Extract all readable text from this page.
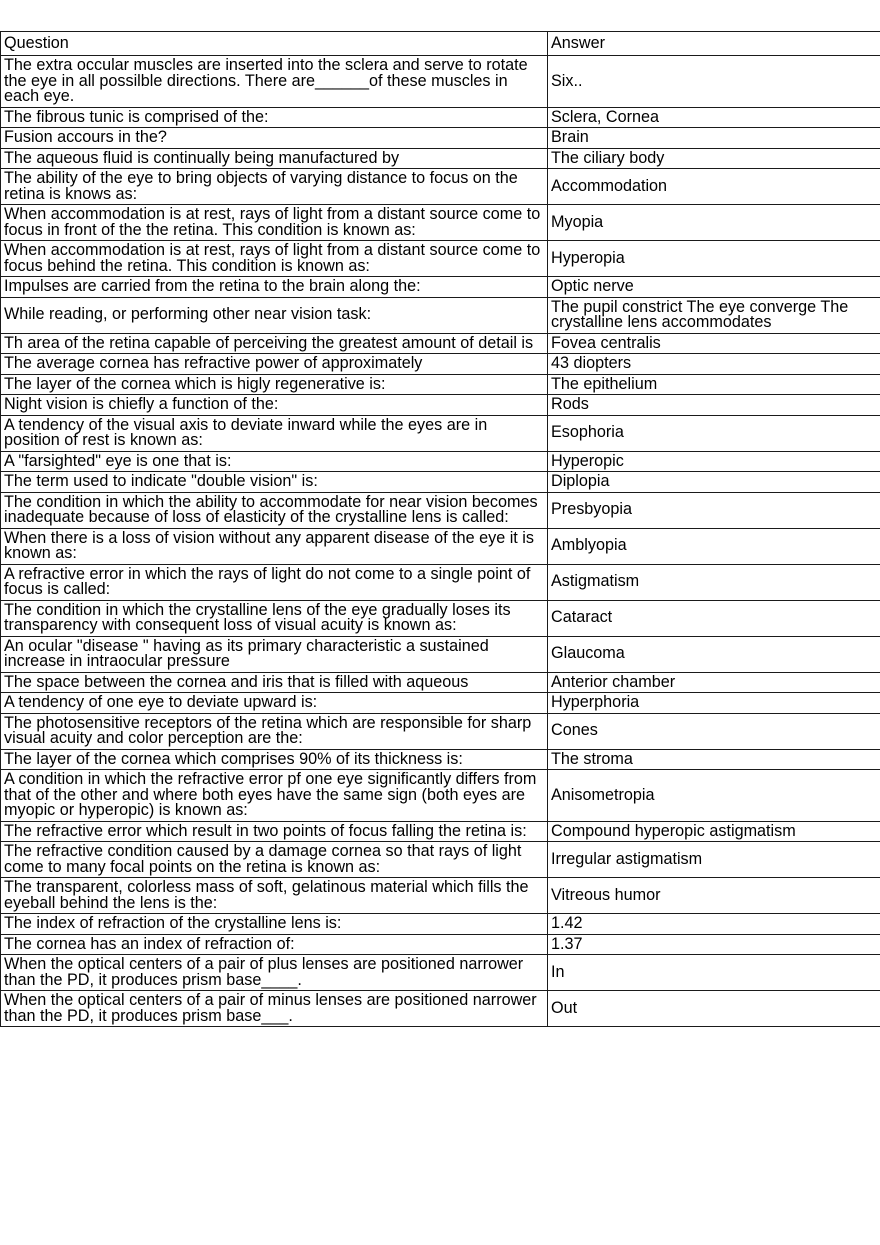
Question	Answer
The extra occular muscles are inserted into the sclera and serve to rotate the eye in all possilble directions. There are______of these muscles in each eye.	Six..
The fibrous tunic is comprised of the:	Sclera, Cornea
Fusion accours in the?	Brain
The aqueous fluid is continually being manufactured by	The ciliary body
The ability of the eye to bring objects of varying distance to focus on the retina is knows as:	Accommodation
When accommodation is at rest, rays of light from a distant source come to focus in front of the the retina. This condition is known as:	Myopia
When accommodation is at rest, rays of light from a distant source come to focus behind the retina. This condition is known as:	Hyperopia
Impulses are carried from the retina to the brain along the:	Optic nerve
While reading, or performing other near vision task:	The pupil constrict The eye converge The crystalline lens accommodates
Th area of the retina capable of perceiving the greatest amount of detail is	Fovea centralis
The average cornea has refractive power of approximately	43 diopters
The layer of the cornea which is higly regenerative is:	The epithelium
Night vision is chiefly a function of the:	Rods
A tendency of the visual axis to deviate inward while the eyes are in position of rest is known as:	Esophoria
A "farsighted" eye is one that is:	Hyperopic
The term used to indicate "double vision" is:	Diplopia
The condition in which the ability to accommodate for near vision becomes inadequate because of loss of elasticity of the crystalline lens is called:	Presbyopia
When there is a loss of vision without any apparent disease of the eye it is known as:	Amblyopia
A refractive error in which the rays of light do not come to a single point of focus is called:	Astigmatism
The condition in which the crystalline lens of the eye gradually loses its transparency with consequent loss of visual acuity is known as:	Cataract
An ocular "disease " having as its primary characteristic a sustained increase in intraocular pressure	Glaucoma
The space between the cornea and iris that is filled with aqueous	Anterior chamber
A tendency of one eye to deviate upward is:	Hyperphoria
The photosensitive receptors of the retina which are responsible for sharp visual acuity and color perception are the:	Cones
The layer of the cornea which comprises 90% of its thickness is:	The stroma
A condition in which the refractive error pf one eye significantly differs from that of the other and where both eyes have the same sign (both eyes are myopic or hyperopic) is known as:	Anisometropia
The refractive error which result in two points of focus falling the retina is:	Compound hyperopic astigmatism
The refractive condition caused by a damage cornea so that rays of light come to many focal points on the retina is known as:	Irregular astigmatism
The transparent, colorless mass of soft, gelatinous material which fills the eyeball behind the lens is the:	Vitreous humor
The index of refraction of the crystalline lens is:	1.42
The cornea has an index of refraction of:	1.37
When the optical centers of a pair of plus lenses are positioned narrower than the PD, it produces prism base____.	In
When the optical centers of a pair of minus lenses are positioned narrower than the PD, it produces prism base___.	Out
